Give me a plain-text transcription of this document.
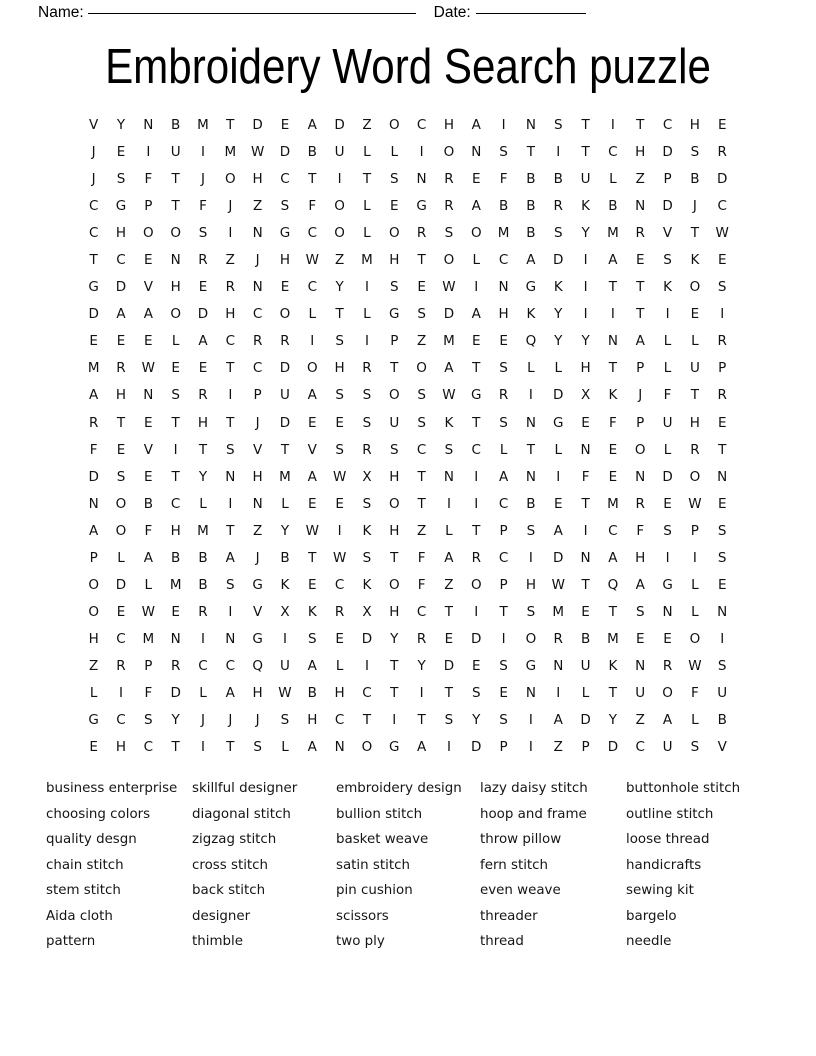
Name:	Date:
Embroidery Word Search puzzle
V	Y	N	B	M	T	D	E	A	D	Z	O	C	H	A	I	N	S	T	I	T	C	H	E
J	E	I	U	I	M	W	D	B	U	L	L	I	O	N	S	T	I	T	C	H	D	S	R
J	S	F	T	J	O	H	C	T	I	T	S	N	R	E	F	B	B	U	L	Z	P	B	D
C	G	P	T	F	J	Z	S	F	O	L	E	G	R	A	B	B	R	K	B	N	D	J	C
C	H	O	O	S	I	N	G	C	O	L	O	R	S	O	M	B	S	Y	M	R	V	T	W
T	C	E	N	R	Z	J	H	W	Z	M	H	T	O	L	C	A	D	I	A	E	S	K	E
G	D	V	H	E	R	N	E	C	Y	I	S	E	W	I	N	G	K	I	T	T	K	O	S
D	A	A	O	D	H	C	O	L	T	L	G	S	D	A	H	K	Y	I	I	T	I	E	I
E	E	E	L	A	C	R	R	I	S	I	P	Z	M	E	E	Q	Y	Y	N	A	L	L	R
M	R	W	E	E	T	C	D	O	H	R	T	O	A	T	S	L	L	H	T	P	L	U	P
A	H	N	S	R	I	P	U	A	S	S	O	S	W	G	R	I	D	X	K	J	F	T	R
R	T	E	T	H	T	J	D	E	E	S	U	S	K	T	S	N	G	E	F	P	U	H	E
F	E	V	I	T	S	V	T	V	S	R	S	C	S	C	L	T	L	N	E	O	L	R	T
D	S	E	T	Y	N	H	M	A	W	X	H	T	N	I	A	N	I	F	E	N	D	O	N
N	O	B	C	L	I	N	L	E	E	S	O	T	I	I	C	B	E	T	M	R	E	W	E
A	O	F	H	M	T	Z	Y	W	I	K	H	Z	L	T	P	S	A	I	C	F	S	P	S
P	L	A	B	B	A	J	B	T	W	S	T	F	A	R	C	I	D	N	A	H	I	I	S
O	D	L	M	B	S	G	K	E	C	K	O	F	Z	O	P	H	W	T	Q	A	G	L	E
O	E	W	E	R	I	V	X	K	R	X	H	C	T	I	T	S	M	E	T	S	N	L	N
H	C	M	N	I	N	G	I	S	E	D	Y	R	E	D	I	O	R	B	M	E	E	O	I
Z	R	P	R	C	C	Q	U	A	L	I	T	Y	D	E	S	G	N	U	K	N	R	W	S
L	I	F	D	L	A	H	W	B	H	C	T	I	T	S	E	N	I	L	T	U	O	F	U
G	C	S	Y	J	J	J	S	H	C	T	I	T	S	Y	S	I	A	D	Y	Z	A	L	B
E	H	C	T	I	T	S	L	A	N	O	G	A	I	D	P	I	Z	P	D	C	U	S	V
business enterprise
choosing colors
quality desgn
chain stitch
stem stitch
Aida cloth
pattern
skillful designer
diagonal stitch
zigzag stitch
cross stitch
back stitch
designer
thimble
embroidery design
bullion stitch
basket weave
satin stitch
pin cushion
scissors
two ply
lazy daisy stitch
hoop and frame
throw pillow
fern stitch
even weave
threader
thread
buttonhole stitch
outline stitch
loose thread
handicrafts
sewing kit
bargelo
needle
